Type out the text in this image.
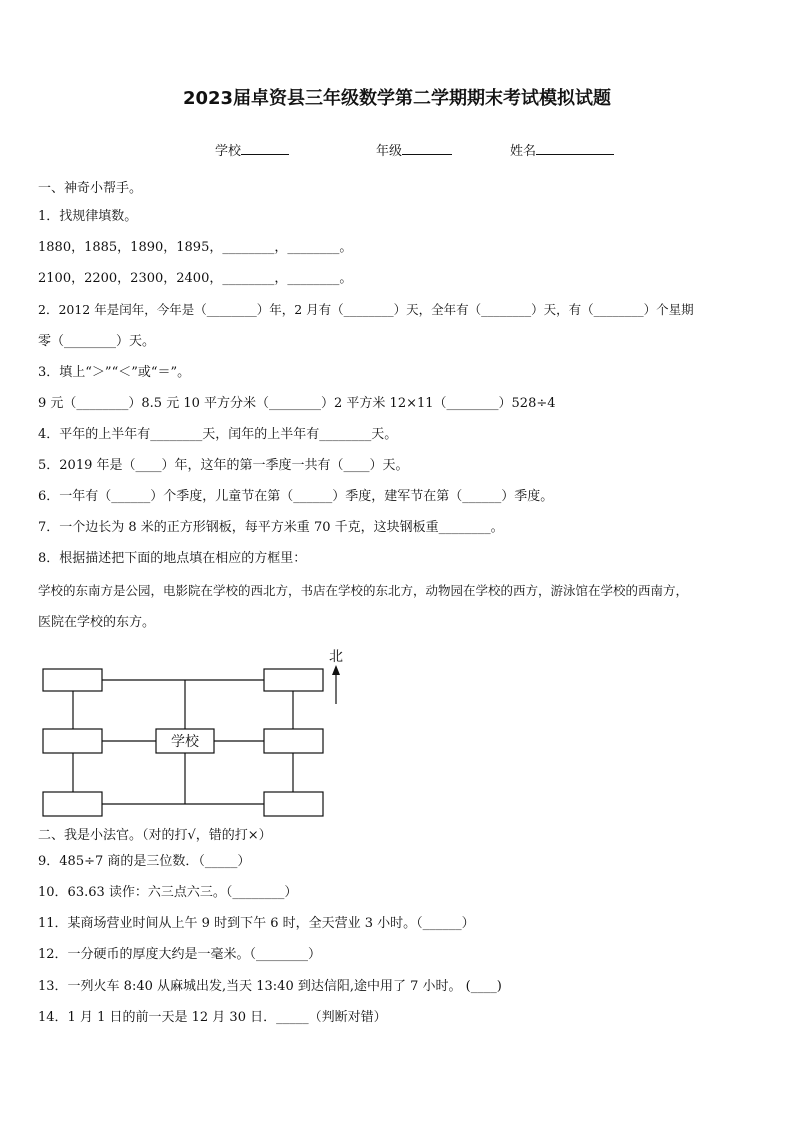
2023届卓资县三年级数学第二学期期末考试模拟试题
学校	年级	姓名
一、神奇小帮手。
1．找规律填数。
1880，1885，1890，1895，________，________。
2100，2200，2300，2400，________，________。
2．2012 年是闰年，今年是（________）年，2 月有（________）天，全年有（________）天，有（________）个星期
零（________）天。
3．填上“＞”“＜”或“＝”。
9 元（________）8.5 元 10 平方分米（________）2 平方米 12×11（________）528÷4
4．平年的上半年有________天，闰年的上半年有________天。
5．2019 年是（____）年，这年的第一季度一共有（____）天。
6．一年有（______）个季度，儿童节在第（______）季度，建军节在第（______）季度。
7．一个边长为 8 米的正方形钢板，每平方米重 70 千克，这块钢板重________。
8．根据描述把下面的地点填在相应的方框里：
学校的东南方是公园，电影院在学校的西北方，书店在学校的东北方，动物园在学校的西方，游泳馆在学校的西南方，
医院在学校的东方。
学校
北
二、我是小法官。（对的打√，错的打×）
9．485÷7 商的是三位数．（_____）
10．63.63 读作：六三点六三。（________）
11．某商场营业时间从上午 9 时到下午 6 时，全天营业 3 小时。（______）
12．一分硬币的厚度大约是一毫米。（________）
13．一列火车 8:40 从麻城出发,当天 13:40 到达信阳,途中用了 7 小时。 (____)
14．1 月 1 日的前一天是 12 月 30 日．_____（判断对错）
